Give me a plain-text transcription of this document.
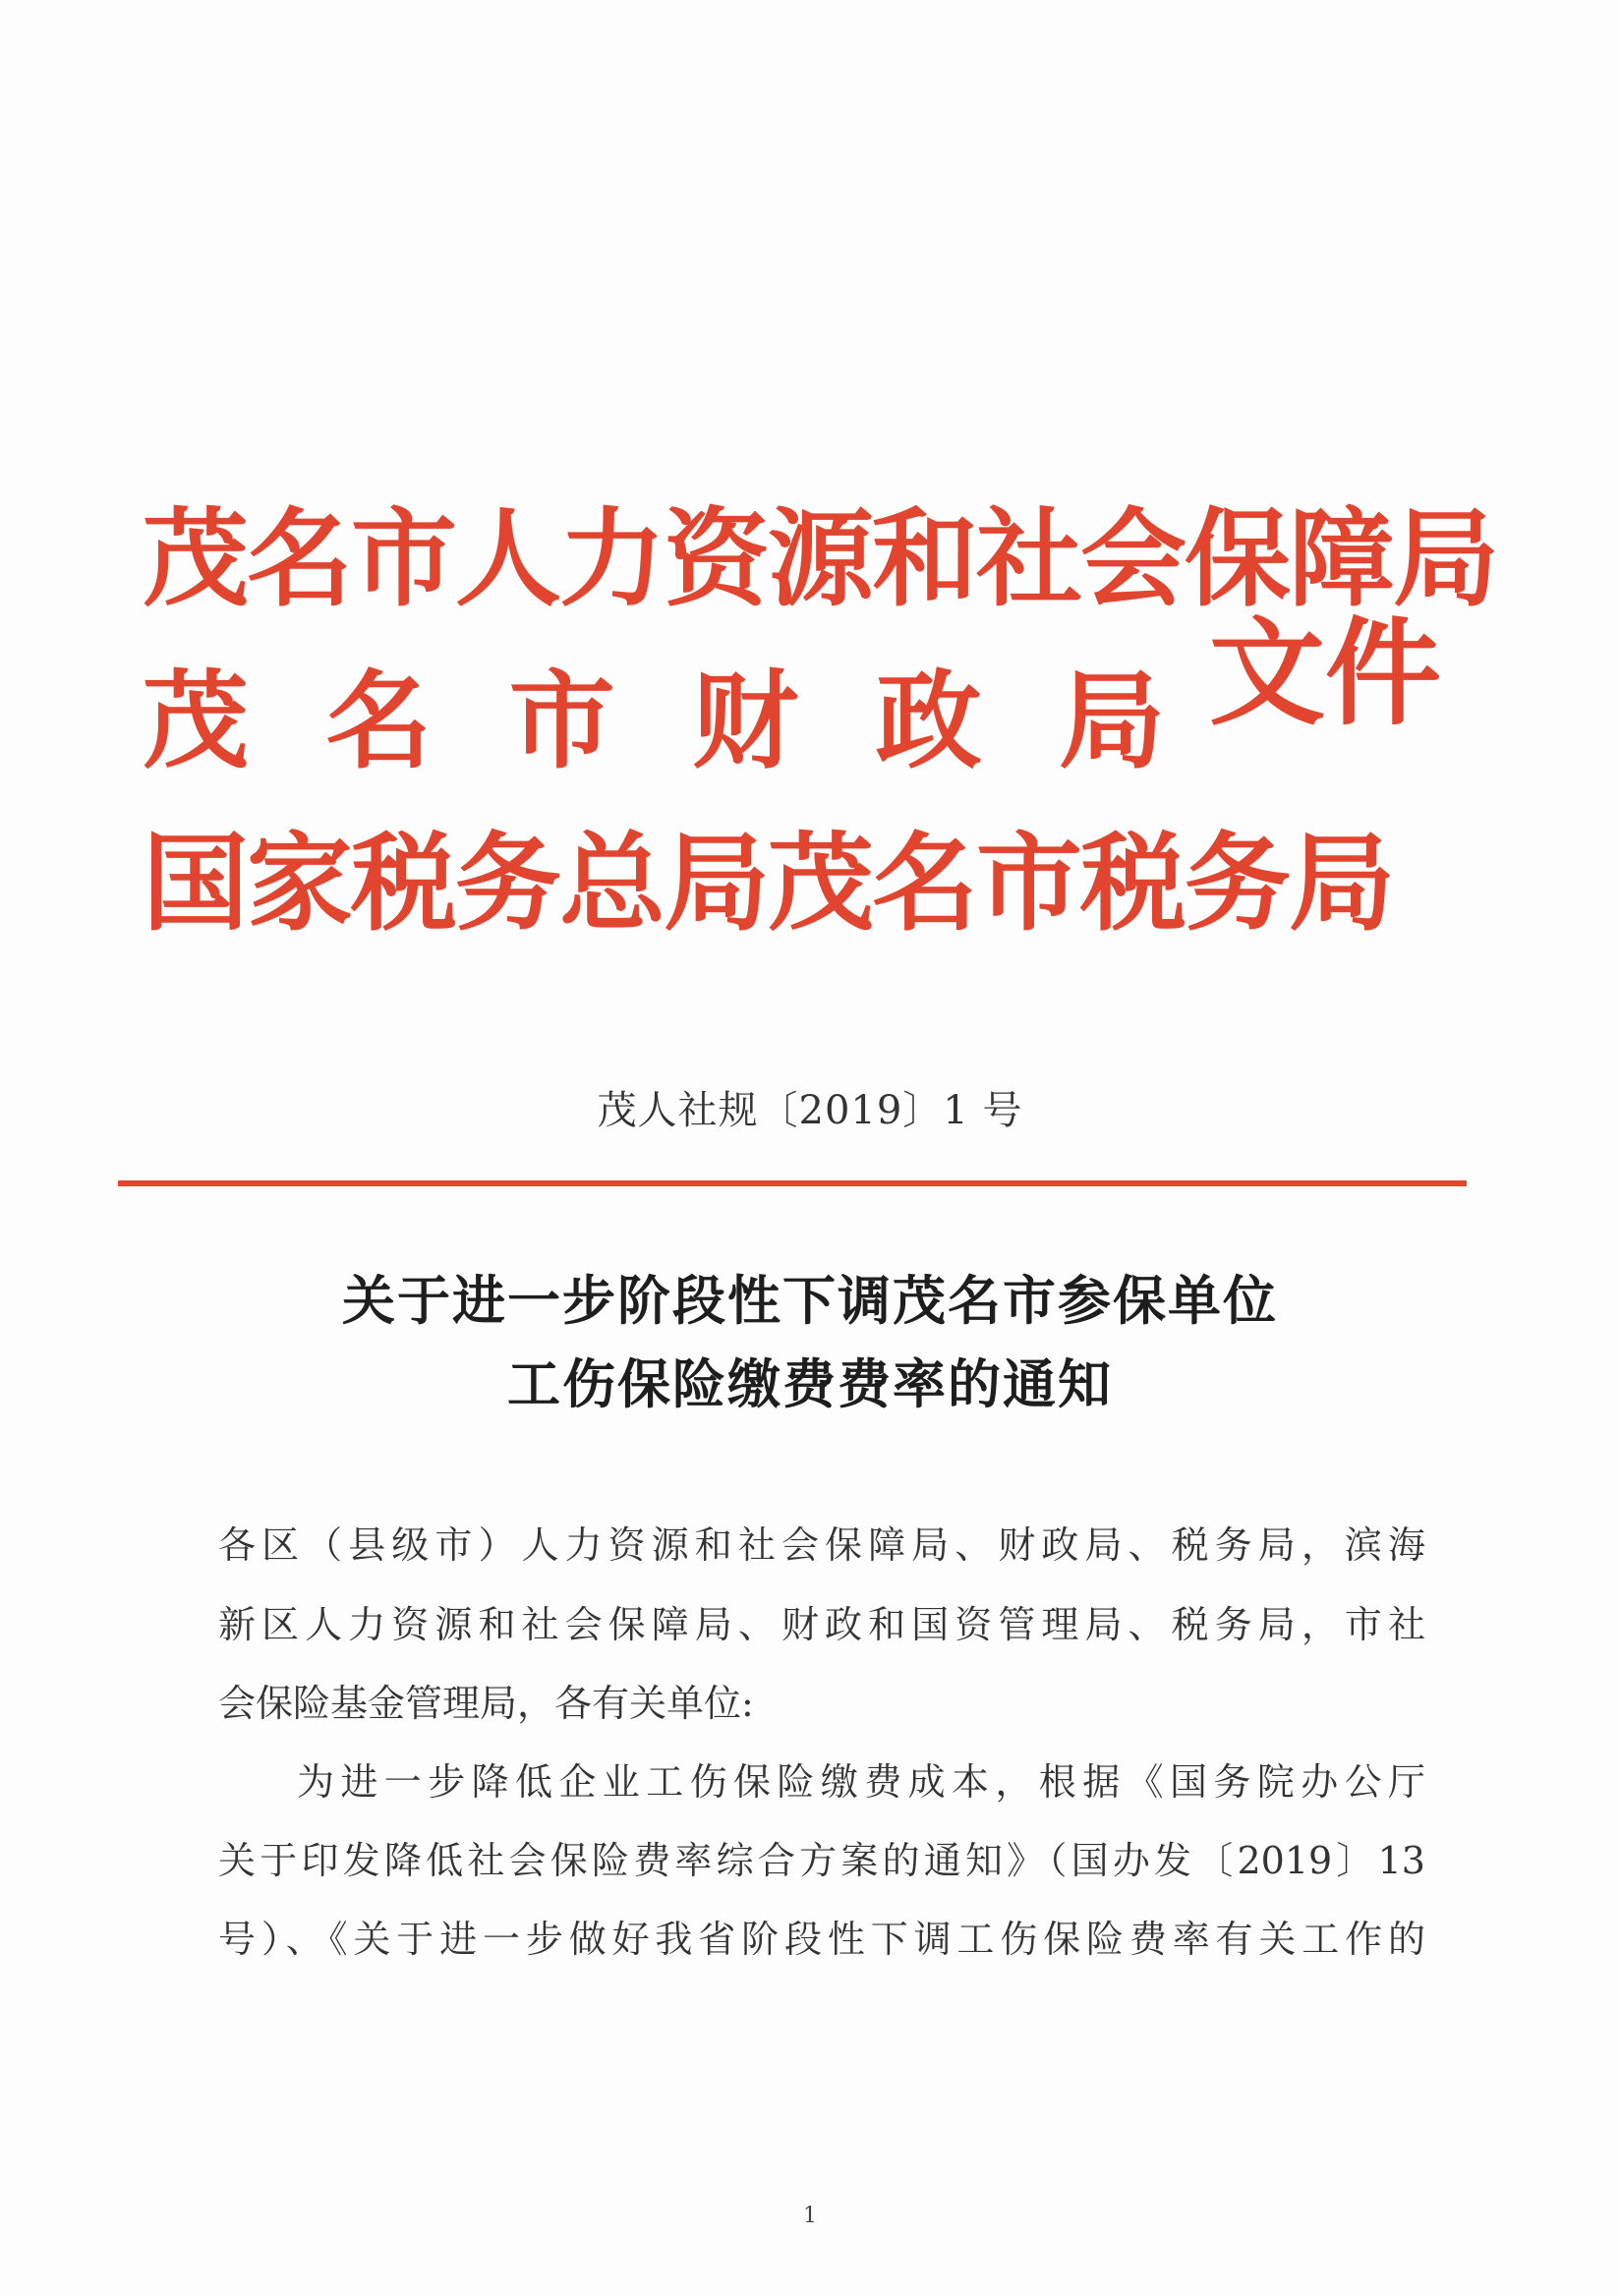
茂名市人力资源和社会保障局
茂 名 市 财 政 局
国家税务总局茂名市税务局
文件
茂人社规〔2019〕1 号
关于进一步阶段性下调茂名市参保单位
工伤保险缴费费率的通知
各区（县级市）人力资源和社会保障局、财政局、税务局，滨海
新区人力资源和社会保障局、财政和国资管理局、税务局，市社
会保险基金管理局，各有关单位:
为进一步降低企业工伤保险缴费成本，根据《国务院办公厅
关于印发降低社会保险费率综合方案的通知》（国办发〔2019〕13
号）、《关于进一步做好我省阶段性下调工伤保险费率有关工作的
1
